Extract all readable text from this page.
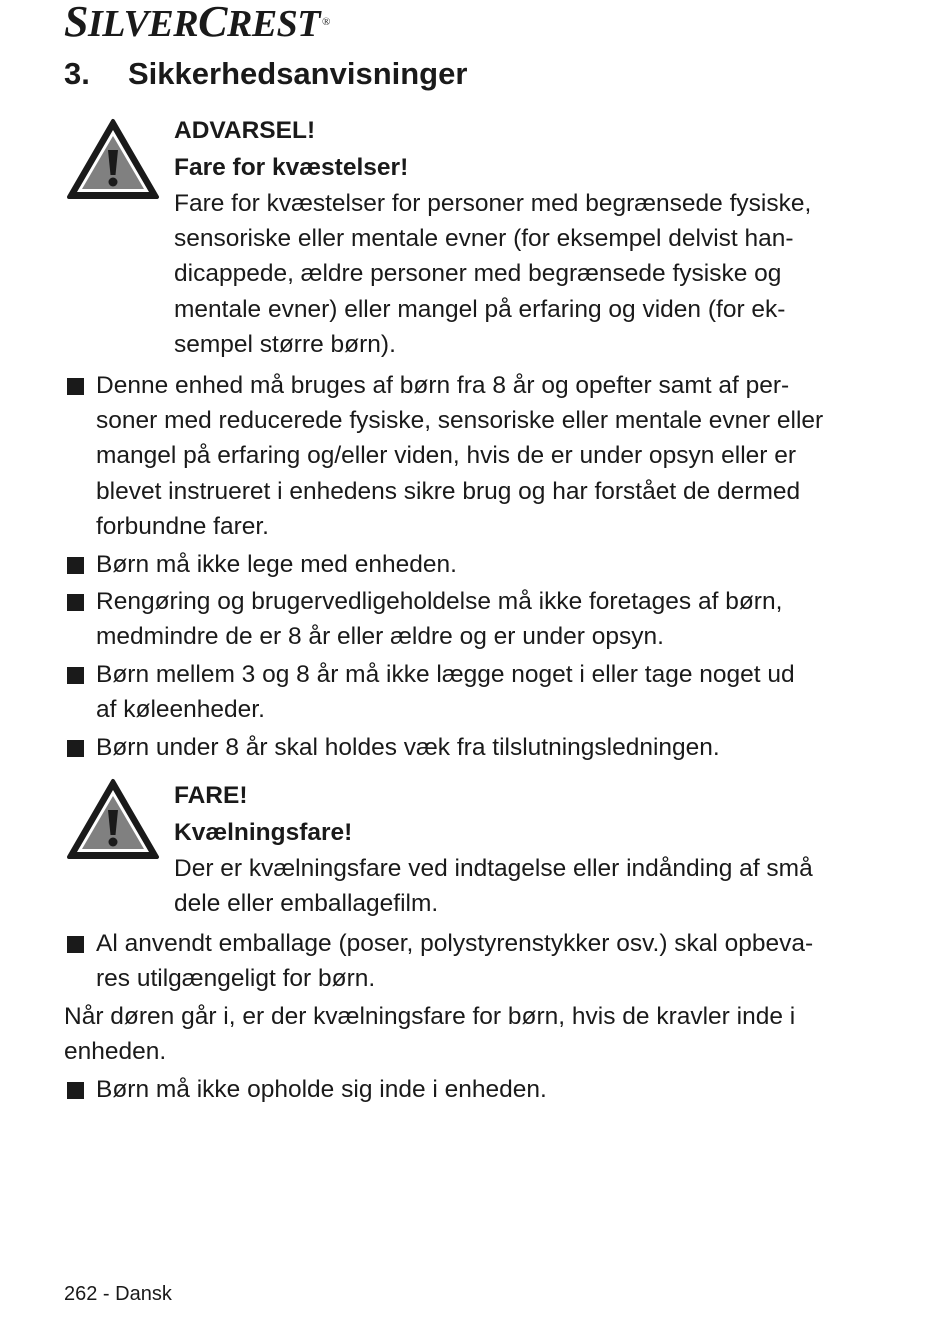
SILVERCREST ®
3. Sikkerhedsanvisninger
ADVARSEL!
Fare for kvæstelser!
Fare for kvæstelser for personer med begrænsede fysiske,
sensoriske eller mentale evner (for eksempel delvist han-
dicappede, ældre personer med begrænsede fysiske og
mentale evner) eller mangel på erfaring og viden (for ek-
sempel større børn).
Denne enhed må bruges af børn fra 8 år og opefter samt af per-
soner med reducerede fysiske, sensoriske eller mentale evner eller
mangel på erfaring og/eller viden, hvis de er under opsyn eller er
blevet instrueret i enhedens sikre brug og har forstået de dermed
forbundne farer.
Børn må ikke lege med enheden.
Rengøring og brugervedligeholdelse må ikke foretages af børn,
medmindre de er 8 år eller ældre og er under opsyn.
Børn mellem 3 og 8 år må ikke lægge noget i eller tage noget ud
af køleenheder.
Børn under 8 år skal holdes væk fra tilslutningsledningen.
FARE!
Kvælningsfare!
Der er kvælningsfare ved indtagelse eller indånding af små
dele eller emballagefilm.
Al anvendt emballage (poser, polystyrenstykker osv.) skal opbeva-
res utilgængeligt for børn.
Når døren går i, er der kvælningsfare for børn, hvis de kravler inde i
enheden.
Børn må ikke opholde sig inde i enheden.
262 - Dansk
